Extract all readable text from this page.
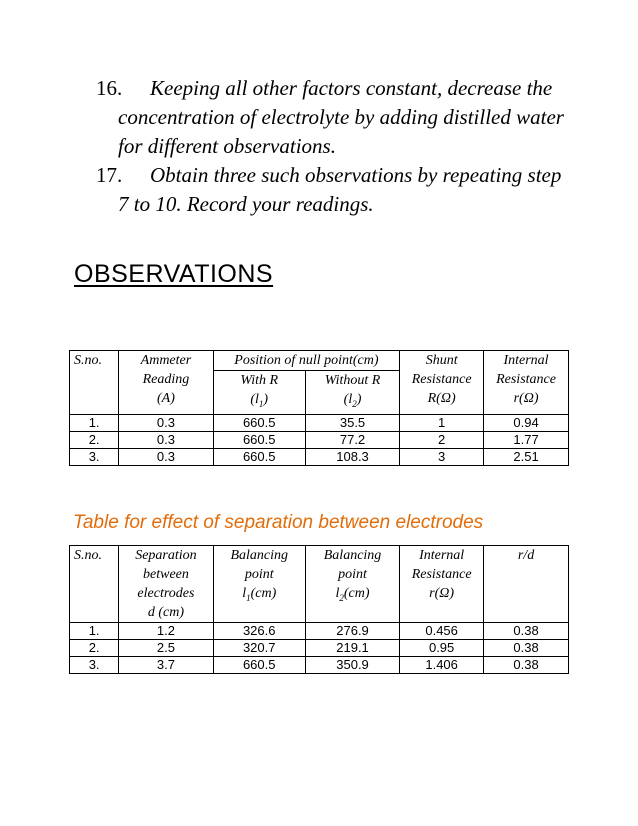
16. Keeping all other factors constant, decrease the
concentration of electrolyte by adding distilled water
for different observations.
17. Obtain three such observations by repeating step
7 to 10. Record your readings.
OBSERVATIONS
S.no.	Ammeter
Reading
(A)	Position of null point(cm)		Shunt
Resistance
R(Ω)	Internal
Resistance
r(Ω)
		With R
$(l_1)$	Without R
$(l_2)$		
1.	0.3	660.5	35.5	1	0.94
2.	0.3	660.5	77.2	2	1.77
3.	0.3	660.5	108.3	3	2.51
Table for effect of separation between electrodes
S.no.	Separation
between
electrodes
d (cm)	Balancing
point
$l_1(cm)$	Balancing
point
$l_2(cm)$	Internal
Resistance
r(Ω)	r/d
1.	1.2	326.6	276.9	0.456	0.38
2.	2.5	320.7	219.1	0.95	0.38
3.	3.7	660.5	350.9	1.406	0.38
